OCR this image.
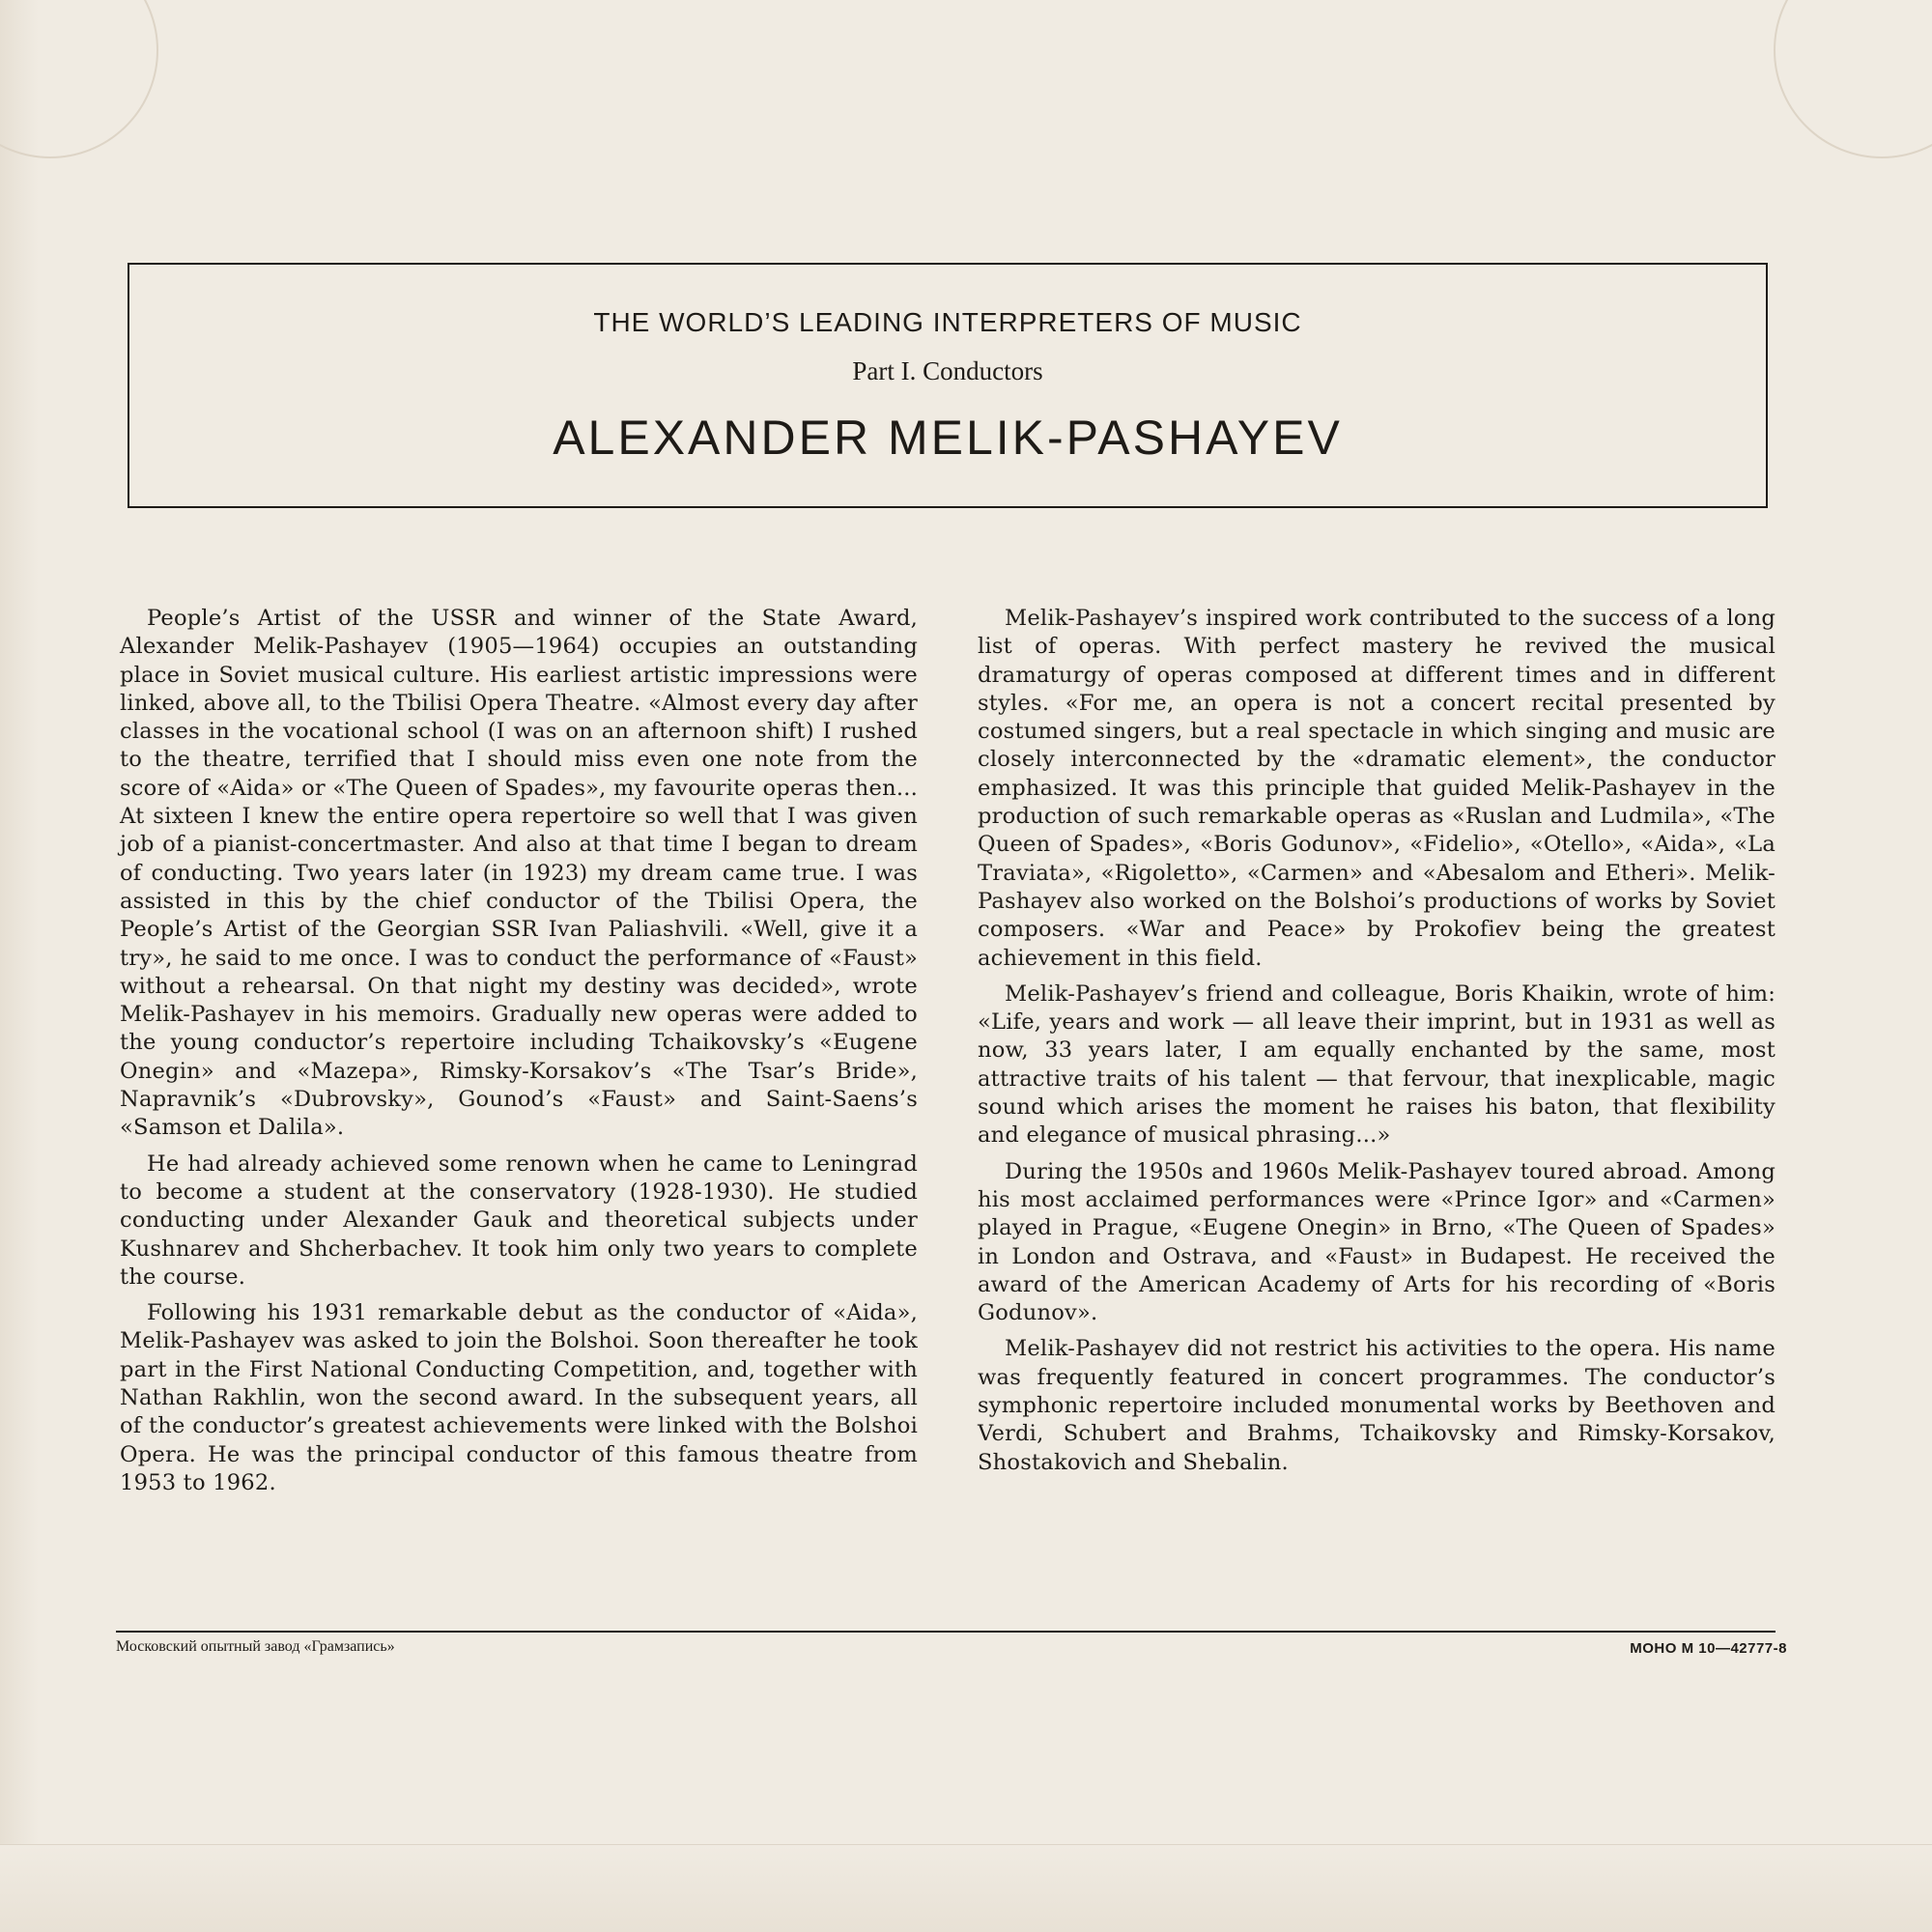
THE WORLD’S LEADING INTERPRETERS OF MUSIC
Part I. Conductors
ALEXANDER MELIK-PASHAYEV

People’s Artist of the USSR and winner of the State Award, Alexander Melik-Pashayev (1905—1964) occupies an outstanding place in Soviet musical culture. His earliest artistic impressions were linked, above all, to the Tbilisi Opera Theatre. «Almost every day after classes in the vocational school (I was on an afternoon shift) I rushed to the theatre, terrified that I should miss even one note from the score of «Aida» or «The Queen of Spades», my favourite operas then... At sixteen I knew the entire opera repertoire so well that I was given job of a pianist-concertmaster. And also at that time I began to dream of conducting. Two years later (in 1923) my dream came true. I was assisted in this by the chief conductor of the Tbilisi Opera, the People’s Artist of the Georgian SSR Ivan Paliashvili. «Well, give it a try», he said to me once. I was to conduct the performance of «Faust» without a rehearsal. On that night my destiny was decided», wrote Melik-Pashayev in his memoirs. Gradually new operas were added to the young conductor’s repertoire including Tchaikovsky’s «Eugene Onegin» and «Mazepa», Rimsky-Korsakov’s «The Tsar’s Bride», Napravnik’s «Dubrovsky», Gounod’s «Faust» and Saint-Saens’s «Samson et Dalila».

He had already achieved some renown when he came to Leningrad to become a student at the conservatory (1928-1930). He studied conducting under Alexander Gauk and theoretical subjects under Kushnarev and Shcherbachev. It took him only two years to complete the course.

Following his 1931 remarkable debut as the conductor of «Aida», Melik-Pashayev was asked to join the Bolshoi. Soon thereafter he took part in the First National Conducting Competition, and, together with Nathan Rakhlin, won the second award. In the subsequent years, all of the conductor’s greatest achievements were linked with the Bolshoi Opera. He was the principal conductor of this famous theatre from 1953 to 1962.

Melik-Pashayev’s inspired work contributed to the success of a long list of operas. With perfect mastery he revived the musical dramaturgy of operas composed at different times and in different styles. «For me, an opera is not a concert recital presented by costumed singers, but a real spectacle in which singing and music are closely interconnected by the «dramatic element», the conductor emphasized. It was this principle that guided Melik-Pashayev in the production of such remarkable operas as «Ruslan and Ludmila», «The Queen of Spades», «Boris Godunov», «Fidelio», «Otello», «Aida», «La Traviata», «Rigoletto», «Carmen» and «Abesalom and Etheri». Melik-Pashayev also worked on the Bolshoi’s productions of works by Soviet composers. «War and Peace» by Prokofiev being the greatest achievement in this field.

Melik-Pashayev’s friend and colleague, Boris Khaikin, wrote of him: «Life, years and work — all leave their imprint, but in 1931 as well as now, 33 years later, I am equally enchanted by the same, most attractive traits of his talent — that fervour, that inexplicable, magic sound which arises the moment he raises his baton, that flexibility and elegance of musical phrasing...»

During the 1950s and 1960s Melik-Pashayev toured abroad. Among his most acclaimed performances were «Prince Igor» and «Carmen» played in Prague, «Eugene Onegin» in Brno, «The Queen of Spades» in London and Ostrava, and «Faust» in Budapest. He received the award of the American Academy of Arts for his recording of «Boris Godunov».

Melik-Pashayev did not restrict his activities to the opera. His name was frequently featured in concert programmes. The conductor’s symphonic repertoire included monumental works by Beethoven and Verdi, Schubert and Brahms, Tchaikovsky and Rimsky-Korsakov, Shostakovich and Shebalin.

Московский опытный завод «Грамзапись»	МОНО М 10—42777-8
